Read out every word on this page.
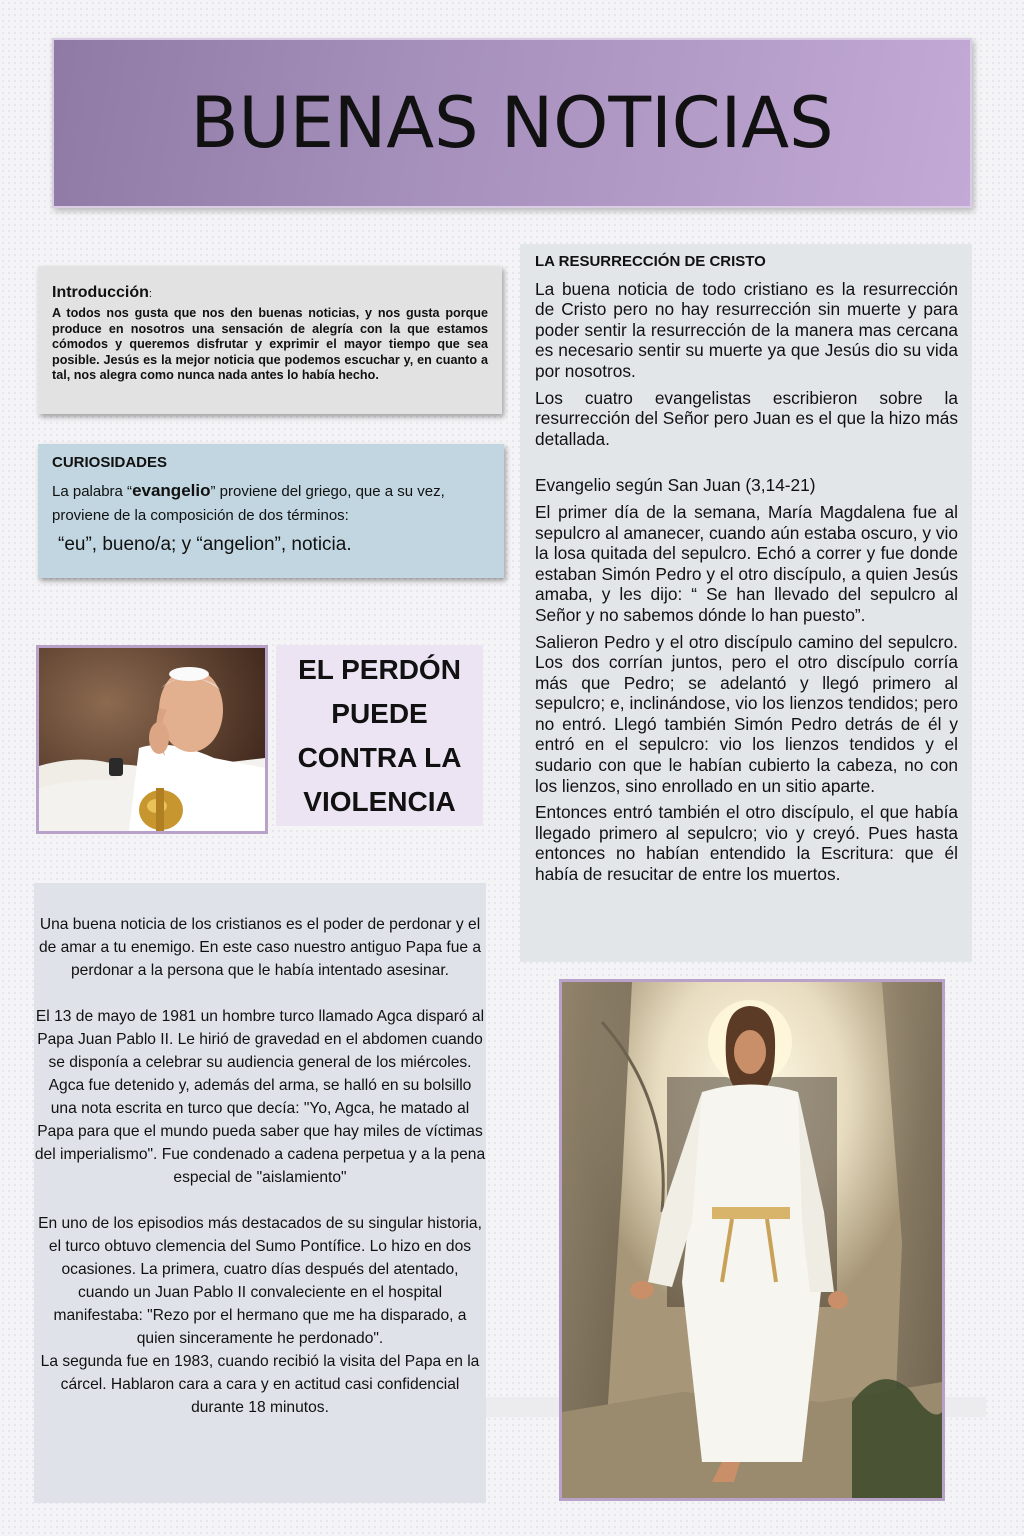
BUENAS NOTICIAS
Introducción:
A todos nos gusta que nos den buenas noticias, y nos gusta porque produce en nosotros una sensación de alegría con la que estamos cómodos y queremos disfrutar y exprimir el mayor tiempo que sea posible. Jesús es la mejor noticia que podemos escuchar y, en cuanto a tal, nos alegra como nunca nada antes lo había hecho.
CURIOSIDADES
La palabra “evangelio” proviene del griego, que a su vez, proviene de la composición de dos términos:
“eu”, bueno/a; y “angelion”, noticia.
EL PERDÓN PUEDE CONTRA LA VIOLENCIA

Una buena noticia de los cristianos es el poder de perdonar y el de amar a tu enemigo. En este caso nuestro antiguo Papa fue a perdonar a la persona que le había intentado asesinar.

El 13 de mayo de 1981 un hombre turco llamado Agca disparó al Papa Juan Pablo II. Le hirió de gravedad en el abdomen cuando se disponía a celebrar su audiencia general de los miércoles.

Agca fue detenido y, además del arma, se halló en su bolsillo una nota escrita en turco que decía: "Yo, Agca, he matado al Papa para que el mundo pueda saber que hay miles de víctimas del imperialismo". Fue condenado a cadena perpetua y a la pena especial de "aislamiento"

En uno de los episodios más destacados de su singular historia, el turco obtuvo clemencia del Sumo Pontífice. Lo hizo en dos ocasiones. La primera, cuatro días después del atentado, cuando un Juan Pablo II convaleciente en el hospital manifestaba: "Rezo por el hermano que me ha disparado, a quien sinceramente he perdonado".

La segunda fue en 1983, cuando recibió la visita del Papa en la cárcel. Hablaron cara a cara y en actitud casi confidencial durante 18 minutos.

LA RESURRECCIÓN DE CRISTO

La buena noticia de todo cristiano es la resurrección de Cristo pero no hay resurrección sin muerte y para poder sentir la resurrección de la manera mas cercana es necesario sentir su muerte ya que Jesús dio su vida por nosotros.

Los cuatro evangelistas escribieron sobre la resurrección del Señor pero Juan es el que la hizo más detallada.

Evangelio según San Juan (3,14-21)

El primer día de la semana, María Magdalena fue al sepulcro al amanecer, cuando aún estaba oscuro, y vio la losa quitada del sepulcro. Echó a correr y fue donde estaban Simón Pedro y el otro discípulo, a quien Jesús amaba, y les dijo: “ Se han llevado del sepulcro al Señor y no sabemos dónde lo han puesto”.

Salieron Pedro y el otro discípulo camino del sepulcro. Los dos corrían juntos, pero el otro discípulo corría más que Pedro; se adelantó y llegó primero al sepulcro; e, inclinándose, vio los lienzos tendidos; pero no entró. Llegó también Simón Pedro detrás de él y entró en el sepulcro: vio los lienzos tendidos y el sudario con que le habían cubierto la cabeza, no con los lienzos, sino enrollado en un sitio aparte.

Entonces entró también el otro discípulo, el que había llegado primero al sepulcro; vio y creyó. Pues hasta entonces no habían entendido la Escritura: que él había de resucitar de entre los muertos.
